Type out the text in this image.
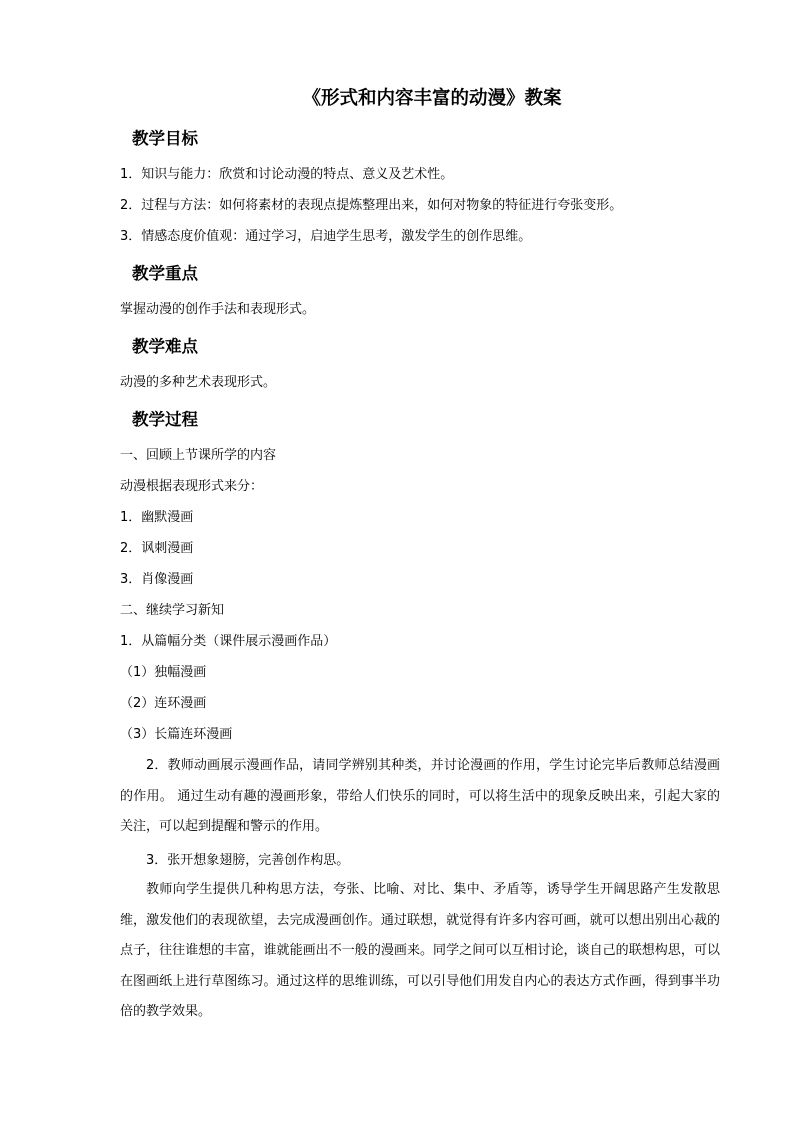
《形式和内容丰富的动漫》教案
教学目标
1．知识与能力：欣赏和讨论动漫的特点、意义及艺术性。
2．过程与方法：如何将素材的表现点提炼整理出来，如何对物象的特征进行夸张变形。
3．情感态度价值观：通过学习，启迪学生思考，激发学生的创作思维。
教学重点
掌握动漫的创作手法和表现形式。
教学难点
动漫的多种艺术表现形式。
教学过程
一、回顾上节课所学的内容
动漫根据表现形式来分：
1．幽默漫画
2．讽刺漫画
3．肖像漫画
二、继续学习新知
1．从篇幅分类（课件展示漫画作品）
（1）独幅漫画
（2）连环漫画
（3）长篇连环漫画
2．教师动画展示漫画作品，请同学辨别其种类，并讨论漫画的作用，学生讨论完毕后教师总结漫画的作用。 通过生动有趣的漫画形象，带给人们快乐的同时，可以将生活中的现象反映出来，引起大家的关注，可以起到提醒和警示的作用。
3．张开想象翅膀，完善创作构思。
教师向学生提供几种构思方法，夸张、比喻、对比、集中、矛盾等，诱导学生开阔思路产生发散思维，激发他们的表现欲望，去完成漫画创作。通过联想，就觉得有许多内容可画，就可以想出别出心裁的点子，往往谁想的丰富，谁就能画出不一般的漫画来。同学之间可以互相讨论，谈自己的联想构思，可以在图画纸上进行草图练习。通过这样的思维训练，可以引导他们用发自内心的表达方式作画，得到事半功倍的教学效果。
